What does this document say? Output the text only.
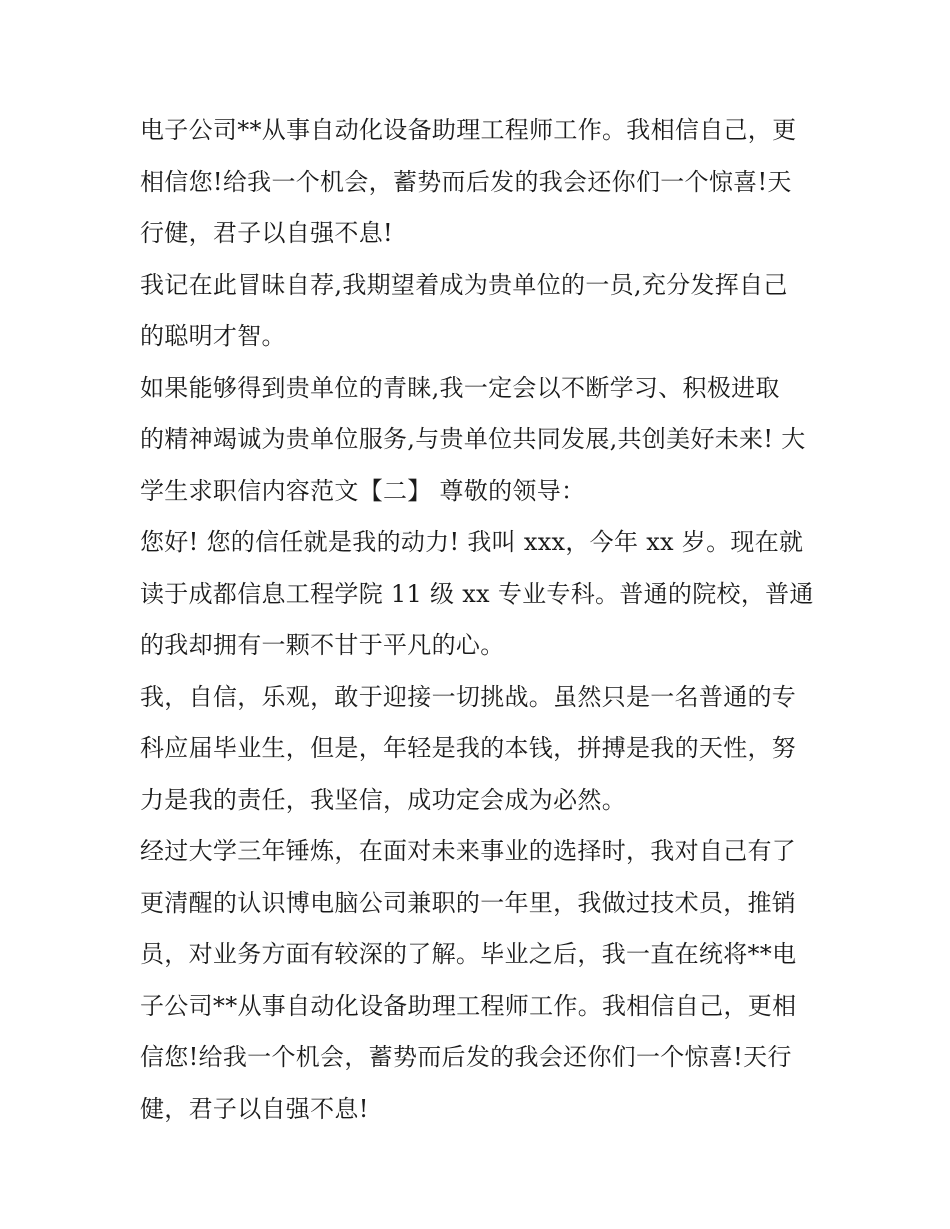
电子公司**从事自动化设备助理工程师工作。我相信自己，更
相信您!给我一个机会，蓄势而后发的我会还你们一个惊喜!天
行健，君子以自强不息!
我记在此冒昧自荐,我期望着成为贵单位的一员,充分发挥自己
的聪明才智。
如果能够得到贵单位的青睐,我一定会以不断学习、积极进取
的精神竭诚为贵单位服务,与贵单位共同发展,共创美好未来! 大
学生求职信内容范文【二】 尊敬的领导：
您好! 您的信任就是我的动力! 我叫 xxx，今年 xx 岁。现在就
读于成都信息工程学院 11 级 xx 专业专科。普通的院校，普通
的我却拥有一颗不甘于平凡的心。
我，自信，乐观，敢于迎接一切挑战。虽然只是一名普通的专
科应届毕业生，但是，年轻是我的本钱，拼搏是我的天性，努
力是我的责任，我坚信，成功定会成为必然。
经过大学三年锤炼，在面对未来事业的选择时，我对自己有了
更清醒的认识博电脑公司兼职的一年里，我做过技术员，推销
员，对业务方面有较深的了解。毕业之后，我一直在统将**电
子公司**从事自动化设备助理工程师工作。我相信自己，更相
信您!给我一个机会，蓄势而后发的我会还你们一个惊喜!天行
健，君子以自强不息!
